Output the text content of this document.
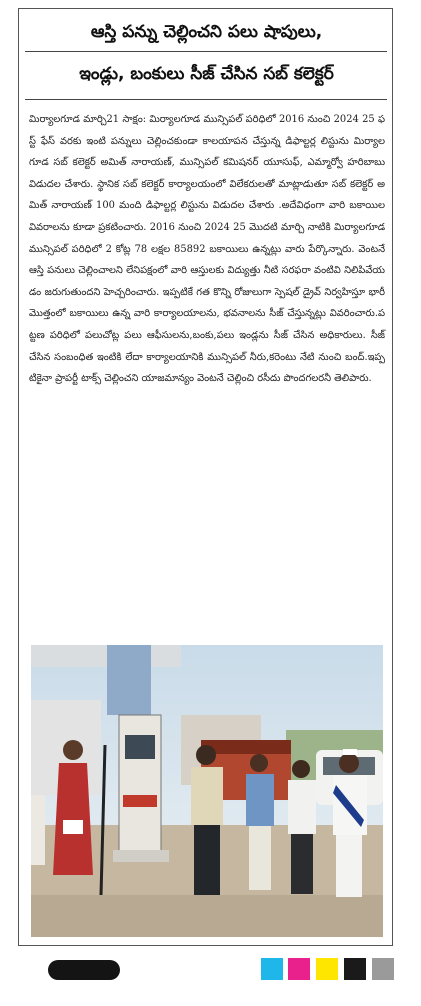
ఆస్తి పన్ను చెల్లించని పలు షాపులు,
ఇండ్లు, బంకులు సీజ్ చేసిన సబ్ కలెక్టర్
మిర్యాలగూడ మార్చి21 సాక్షం: మిర్యాలగూడ మున్సిపల్ పరిధిలో 2016 నుంచి 2024 25 ఫస్ట్ ఫేస్ వరకు ఇంటి పన్నులు చెల్లించకుండా కాలయాపన చేస్తున్న డిఫాల్టర్ల లిస్టును మిర్యాలగూడ సబ్ కలెక్టర్ అమిత్ నారాయణ్, మున్సిపల్ కమిషనర్ యూసుఫ్, ఎమ్మార్వో హరిబాబు విడుదల చేశారు. స్థానిక సబ్ కలెక్టర్ కార్యాలయంలో విలేకరులతో మాట్లాడుతూ సబ్ కలెక్టర్ అమిత్ నారాయణ్ 100 మంది డిఫాల్టర్ల లిస్టును విడుదల చేశారు .అదేవిధంగా వారి బకాయిల వివరాలను కూడా ప్రకటించారు. 2016 నుంచి 2024 25 మొదటి మార్చి నాటికి మిర్యాలగూడ మున్సిపల్ పరిధిలో 2 కోట్ల 78 లక్షల 85892 బకాయిలు ఉన్నట్లు వారు పేర్కొన్నారు. వెంటనే ఆస్తి పనులు చెల్లించాలని లేనిపక్షంలో వారి ఆస్తులకు విద్యుత్తు నీటి సరఫరా వంటివి నిలిపివేయడం జరుగుతుందని హెచ్చరించారు. ఇప్పటికే గత కొన్ని రోజులుగా స్పెషల్ డ్రైవ్ నిర్వహిస్తూ భారీ మొత్తంలో బకాయిలు ఉన్న వారి కార్యాలయాలను, భవనాలను సీజ్ చేస్తున్నట్లు వివరించారు.పట్టణ పరిధిలో పలుచోట్ల పలు ఆఫీసులను,బంకు,పలు ఇండ్లను సీజ్ చేసిన అధికారులు. సీజ్ చేసిన సంబంధిత ఇంటికి లేదా కార్యాలయానికి మున్సిపల్ నీరు,కరెంటు నేటి నుంచి బంద్.ఇప్పటికైనా ప్రాపర్టీ టాక్స్ చెల్లించని యాజమాన్యం వెంటనే చెల్లించి రసీదు పొందగలరనీ తెలిపారు.
